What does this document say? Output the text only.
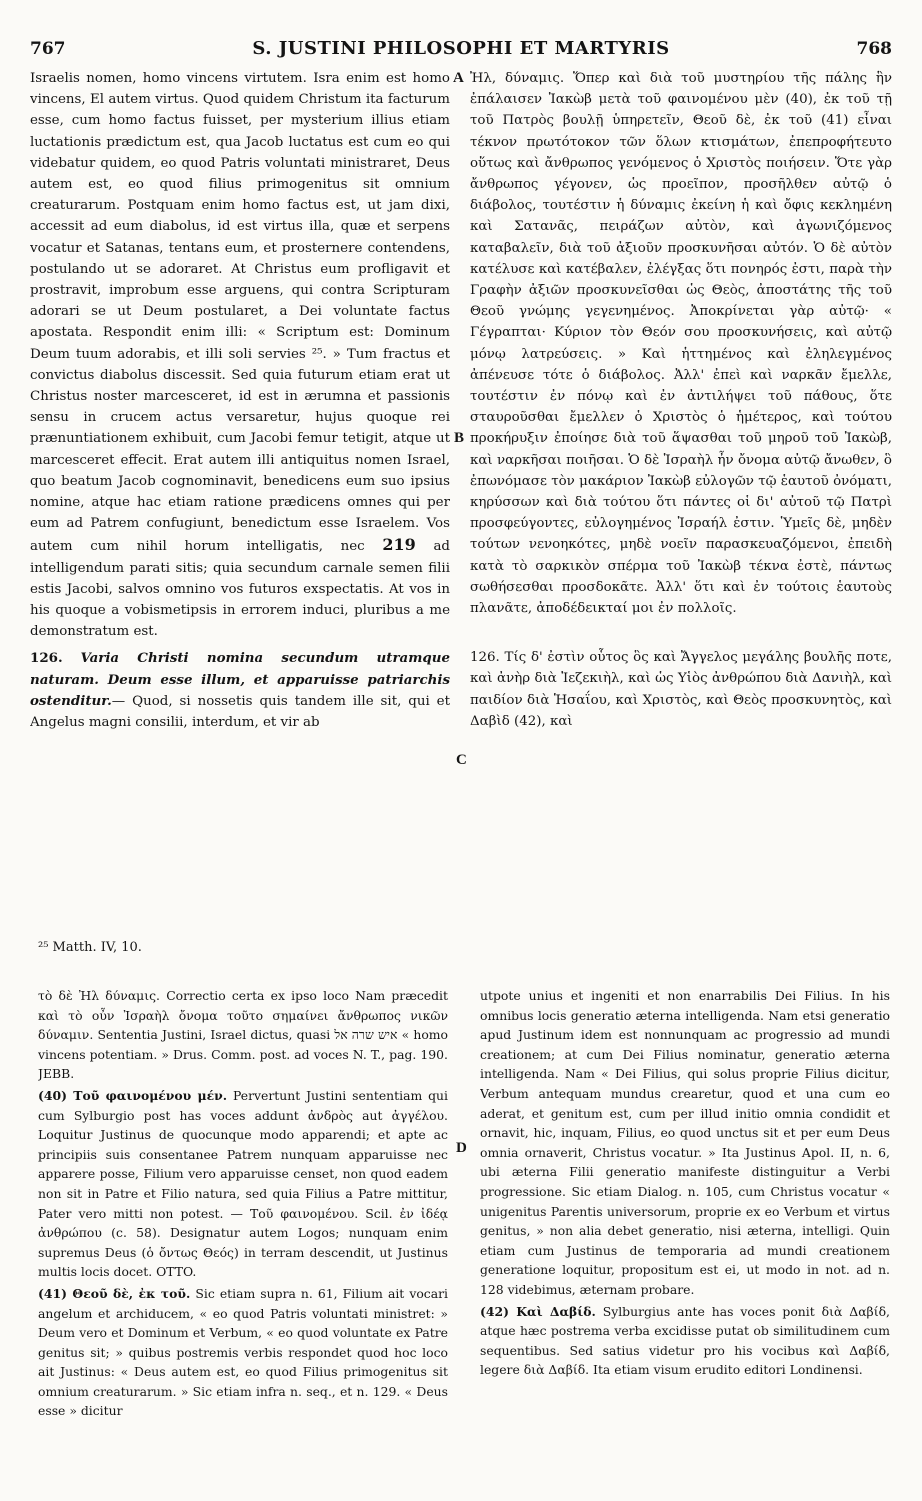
767	S. JUSTINI PHILOSOPHI ET MARTYRIS	768

Israelis nomen, homo vincens virtutem. Isra enim est homo vincens, El autem virtus. Quod quidem Christum ita facturum esse, cum homo factus fuisset, per mysterium illius etiam luctationis prædictum est, qua Jacob luctatus est cum eo qui videbatur quidem, eo quod Patris voluntati ministraret, Deus autem est, eo quod filius primogenitus sit omnium creaturarum. Postquam enim homo factus est, ut jam dixi, accessit ad eum diabolus, id est virtus illa, quæ et serpens vocatur et Satanas, tentans eum, et prosternere contendens, postulando ut se adoraret. At Christus eum profligavit et prostravit, improbum esse arguens, qui contra Scripturam adorari se ut Deum postularet, a Dei voluntate factus apostata. Respondit enim illi: « Scriptum est: Dominum Deum tuum adorabis, et illi soli servies ²⁵. » Tum fractus et convictus diabolus discessit. Sed quia futurum etiam erat ut Christus noster marcesceret, id est in ærumna et passionis sensu in crucem actus versaretur, hujus quoque rei prænuntiationem exhibuit, cum Jacobi femur tetigit, atque ut marcesceret effecit. Erat autem illi antiquitus nomen Israel, quo beatum Jacob cognominavit, benedicens eum suo ipsius nomine, atque hac etiam ratione prædicens omnes qui per eum ad Patrem confugiunt, benedictum esse Israelem. Vos autem cum nihil horum intelligatis, nec 219 ad intelligendum parati sitis; quia secundum carnale semen filii estis Jacobi, salvos omnino vos futuros exspectatis. At vos in his quoque a vobismetipsis in errorem induci, pluribus a me demonstratum est.

126. Varia Christi nomina secundum utramque naturam. Deum esse illum, et apparuisse patriarchis ostenditur.— Quod, si nossetis quis tandem ille sit, qui et Angelus magni consilii, interdum, et vir ab

Ἠλ, δύναμις. Ὅπερ καὶ διὰ τοῦ μυστηρίου τῆς πάλης ἣν ἐπάλαισεν Ἰακὼβ μετὰ τοῦ φαινομένου μὲν (40), ἐκ τοῦ τῇ τοῦ Πατρὸς βουλῇ ὑπηρετεῖν, Θεοῦ δὲ, ἐκ τοῦ (41) εἶναι τέκνον πρωτότοκον τῶν ὅλων κτισμάτων, ἐπεπροφήτευτο οὕτως καὶ ἄνθρωπος γενόμενος ὁ Χριστὸς ποιήσειν. Ὅτε γὰρ ἄνθρωπος γέγονεν, ὡς προεῖπον, προσῆλθεν αὐτῷ ὁ διάβολος, τουτέστιν ἡ δύναμις ἐκείνη ἡ καὶ ὄφις κεκλημένη καὶ Σατανᾶς, πειράζων αὐτὸν, καὶ ἀγωνιζόμενος καταβαλεῖν, διὰ τοῦ ἀξιοῦν προσκυνῆσαι αὐτόν. Ὁ δὲ αὐτὸν κατέλυσε καὶ κατέβαλεν, ἐλέγξας ὅτι πονηρός ἐστι, παρὰ τὴν Γραφὴν ἀξιῶν προσκυνεῖσθαι ὡς Θεὸς, ἀποστάτης τῆς τοῦ Θεοῦ γνώμης γεγενημένος. Ἀποκρίνεται γὰρ αὐτῷ· « Γέγραπται· Κύριον τὸν Θεόν σου προσκυνήσεις, καὶ αὐτῷ μόνῳ λατρεύσεις. » Καὶ ἡττημένος καὶ ἐληλεγμένος ἀπένευσε τότε ὁ διάβολος. Ἀλλ' ἐπεὶ καὶ ναρκᾶν ἔμελλε, τουτέστιν ἐν πόνῳ καὶ ἐν ἀντιλήψει τοῦ πάθους, ὅτε σταυροῦσθαι ἔμελλεν ὁ Χριστὸς ὁ ἡμέτερος, καὶ τούτου προκήρυξιν ἐποίησε διὰ τοῦ ἅψασθαι τοῦ μηροῦ τοῦ Ἰακὼβ, καὶ ναρκῆσαι ποιῆσαι. Ὁ δὲ Ἰσραὴλ ἦν ὄνομα αὐτῷ ἄνωθεν, ὃ ἐπωνόμασε τὸν μακάριον Ἰακὼβ εὐλογῶν τῷ ἑαυτοῦ ὀνόματι, κηρύσσων καὶ διὰ τούτου ὅτι πάντες οἱ δι' αὐτοῦ τῷ Πατρὶ προσφεύγοντες, εὐλογημένος Ἰσραήλ ἐστιν. Ὑμεῖς δὲ, μηδὲν τούτων νενοηκότες, μηδὲ νοεῖν παρασκευαζόμενοι, ἐπειδὴ κατὰ τὸ σαρκικὸν σπέρμα τοῦ Ἰακὼβ τέκνα ἐστὲ, πάντως σωθήσεσθαι προσδοκᾶτε. Ἀλλ' ὅτι καὶ ἐν τούτοις ἑαυτοὺς πλανᾶτε, ἀποδέδεικταί μοι ἐν πολλοῖς.

126. Τίς δ' ἐστὶν οὗτος ὃς καὶ Ἄγγελος μεγάλης βουλῆς ποτε, καὶ ἀνὴρ διὰ Ἰεζεκιὴλ, καὶ ὡς Υἱὸς ἀνθρώπου διὰ Δανιὴλ, καὶ παιδίον διὰ Ἡσαΐου, καὶ Χριστὸς, καὶ Θεὸς προσκυνητὸς, καὶ Δαβὶδ (42), καὶ

A
B
C
D
²⁵ Matth. IV, 10.

τὸ δὲ Ἠλ δύναμις. Correctio certa ex ipso loco Nam præcedit καὶ τὸ οὖν Ἰσραὴλ ὄνομα τοῦτο σημαίνει ἄνθρωπος νικῶν δύναμιν. Sententia Justini, Israel dictus, quasi איש שרה אל « homo vincens potentiam. » Drus. Comm. post. ad voces N. T., pag. 190. JEBB.

(40) Τοῦ φαινομένου μέν. Pervertunt Justini sententiam qui cum Sylburgio post has voces addunt ἀνδρὸς aut ἀγγέλου. Loquitur Justinus de quocunque modo apparendi; et apte ac principiis suis consentanee Patrem nunquam apparuisse nec apparere posse, Filium vero apparuisse censet, non quod eadem non sit in Patre et Filio natura, sed quia Filius a Patre mittitur, Pater vero mitti non potest. — Τοῦ φαινομένου. Scil. ἐν ἰδέᾳ ἀνθρώπου (c. 58). Designatur autem Logos; nunquam enim supremus Deus (ὁ ὄντως Θεός) in terram descendit, ut Justinus multis locis docet. OTTO.

(41) Θεοῦ δὲ, ἐκ τοῦ. Sic etiam supra n. 61, Filium ait vocari angelum et archiducem, « eo quod Patris voluntati ministret: » Deum vero et Dominum et Verbum, « eo quod voluntate ex Patre genitus sit; » quibus postremis verbis respondet quod hoc loco ait Justinus: « Deus autem est, eo quod Filius primogenitus sit omnium creaturarum. » Sic etiam infra n. seq., et n. 129. « Deus esse » dicitur

utpote unius et ingeniti et non enarrabilis Dei Filius. In his omnibus locis generatio æterna intelligenda. Nam etsi generatio apud Justinum idem est nonnunquam ac progressio ad mundi creationem; at cum Dei Filius nominatur, generatio æterna intelligenda. Nam « Dei Filius, qui solus proprie Filius dicitur, Verbum antequam mundus crearetur, quod et una cum eo aderat, et genitum est, cum per illud initio omnia condidit et ornavit, hic, inquam, Filius, eo quod unctus sit et per eum Deus omnia ornaverit, Christus vocatur. » Ita Justinus Apol. II, n. 6, ubi æterna Filii generatio manifeste distinguitur a Verbi progressione. Sic etiam Dialog. n. 105, cum Christus vocatur « unigenitus Parentis universorum, proprie ex eo Verbum et virtus genitus, » non alia debet generatio, nisi æterna, intelligi. Quin etiam cum Justinus de temporaria ad mundi creationem generatione loquitur, propositum est ei, ut modo in not. ad n. 128 videbimus, æternam probare.

(42) Καὶ Δαβίδ. Sylburgius ante has voces ponit διὰ Δαβίδ, atque hæc postrema verba excidisse putat ob similitudinem cum sequentibus. Sed satius videtur pro his vocibus καὶ Δαβίδ, legere διὰ Δαβίδ. Ita etiam visum erudito editori Londinensi.
